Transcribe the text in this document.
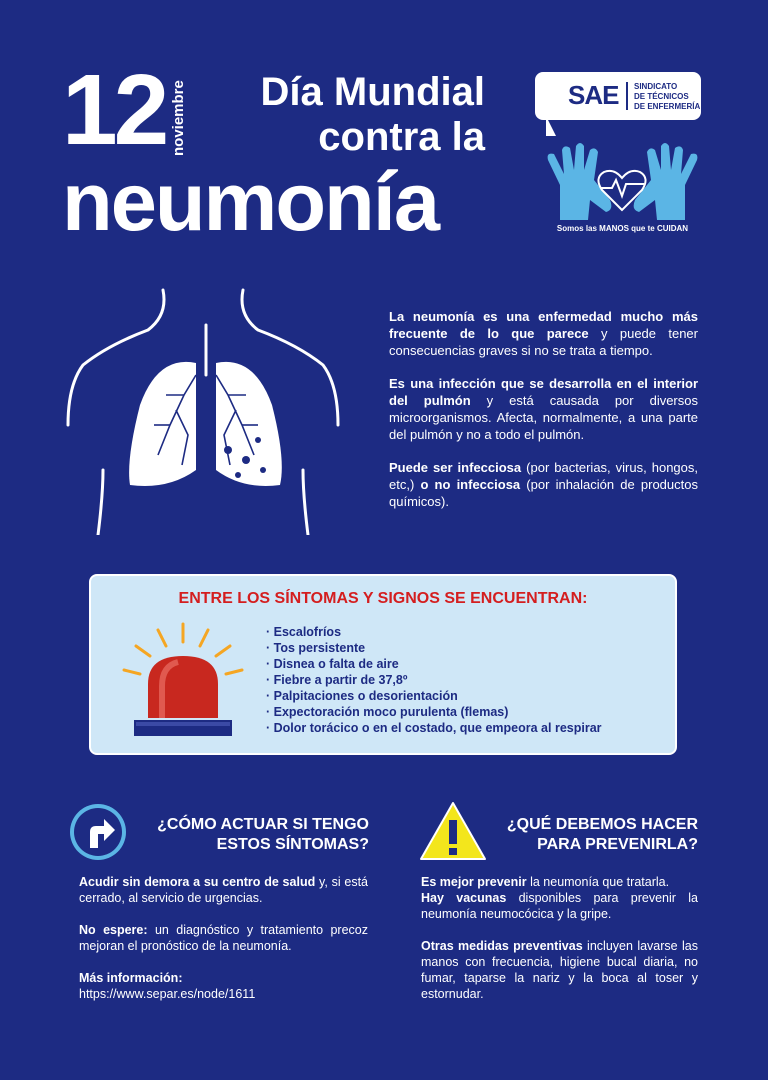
12 noviembre	Día Mundial
contra la
neumonía
SAE SINDICATO
DE TÉCNICOS
DE ENFERMERÍA
Somos las MANOS que te CUIDAN

La neumonía es una enfermedad mucho más frecuente de lo que parece y puede tener consecuencias graves si no se trata a tiempo.

Es una infección que se desarrolla en el interior del pulmón y está causada por diversos microorganismos. Afecta, normalmente, a una parte del pulmón y no a todo el pulmón.

Puede ser infecciosa (por bacterias, virus, hongos, etc,) o no infecciosa (por inhalación de productos químicos).

ENTRE LOS SÍNTOMAS Y SIGNOS SE ENCUENTRAN:
· Escalofríos
· Tos persistente
· Disnea o falta de aire
· Fiebre a partir de 37,8º
· Palpitaciones o desorientación
· Expectoración moco purulenta (flemas)
· Dolor torácico o en el costado, que empeora al respirar
¿CÓMO ACTUAR SI TENGO
ESTOS SÍNTOMAS?

Acudir sin demora a su centro de salud y, si está cerrado, al servicio de urgencias.

No espere: un diagnóstico y tratamiento precoz mejoran el pronóstico de la neumonía.

Más información:
https://www.separ.es/node/1611

¿QUÉ DEBEMOS HACER
PARA PREVENIRLA?

Es mejor prevenir la neumonía que tratarla.
Hay vacunas disponibles para prevenir la neumonía neumocócica y la gripe.

Otras medidas preventivas incluyen lavarse las manos con frecuencia, higiene bucal diaria, no fumar, taparse la nariz y la boca al toser y estornudar.
